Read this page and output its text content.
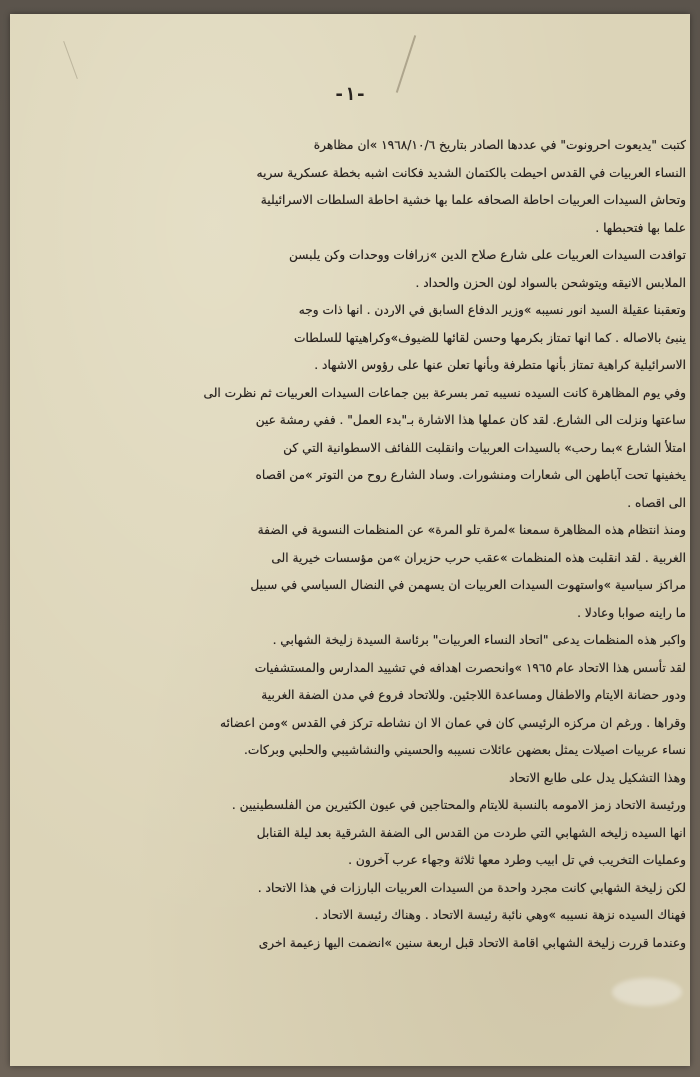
-١-
كتبت "يديعوت احرونوت" في عددها الصادر بتاريخ ١٩٦٨/١٠/٦ »ان مظاهرة
النساء العربيات في القدس احيطت بالكتمان الشديد فكانت اشبه بخطة عسكرية سريه
وتحاش السيدات العربيات احاطة الصحافه علما بها خشية احاطة السلطات الاسرائيلية
علما بها فتحبطها .
توافدت السيدات العربيات على شارع صلاح الدين »زرافات ووحدات وكن يلبسن
الملابس الانيقه ويتوشحن بالسواد لون الحزن والحداد .
وتعقبنا عقيلة السيد انور نسيبه »وزير الدفاع السابق في الاردن . انها ذات وجه
ينبئ بالاصاله . كما انها تمتاز بكرمها وحسن لقائها للضيوف»وكراهيتها للسلطات
الاسرائيلية كراهية تمتاز بأنها متطرفة وبأنها تعلن عنها على رؤوس الاشهاد .
وفي يوم المظاهرة كانت السيده نسيبه تمر بسرعة بين جماعات السيدات العربيات ثم نظرت الى
ساعتها ونزلت الى الشارع. لقد كان عملها هذا الاشارة بـ"بدء العمل" . ففي رمشة عين
امتلأ الشارع »بما رحب» بالسيدات العربيات وانقلبت اللفائف الاسطوانية التي كن
يخفينها تحت آباطهن الى شعارات ومنشورات. وساد الشارع روح من التوتر »من اقصاه
الى اقصاه .
ومنذ انتظام هذه المظاهرة سمعنا »لمرة تلو المرة» عن المنظمات النسوية في الضفة
الغربية . لقد انقلبت هذه المنظمات »عقب حرب حزيران »من مؤسسات خيرية الى
مراكز سياسية »واستهوت السيدات العربيات ان يسهمن في النضال السياسي في سبيل
ما راينه صوابا وعادلا .
واكبر هذه المنظمات يدعى "اتحاد النساء العربيات" برئاسة السيدة زليخة الشهابي .
لقد تأسس هذا الاتحاد عام ١٩٦٥ »وانحصرت اهدافه في تشييد المدارس والمستشفيات
ودور حضانة الايتام والاطفال ومساعدة اللاجئين. وللاتحاد فروع في مدن الضفة الغربية
وقراها . ورغم ان مركزه الرئيسي كان في عمان الا ان نشاطه تركز في القدس »ومن اعضائه
نساء عربيات اصيلات يمثل بعضهن عائلات نسيبه والحسيني والنشاشيبي والحلبي وبركات.
وهذا التشكيل يدل على طابع الاتحاد
ورئيسة الاتحاد زمز الامومه بالنسبة للايتام والمحتاجين في عيون الكثيرين من الفلسطينيين .
انها السيده زليخه الشهابي التي طردت من القدس الى الضفة الشرقية بعد ليلة القنابل
وعمليات التخريب في تل ابيب وطرد معها ثلاثة وجهاء عرب آخرون .
لكن زليخة الشهابي كانت مجرد واحدة من السيدات العربيات البارزات في هذا الاتحاد .
فهناك السيده نزهة نسيبه »وهي نائبة رئيسة الاتحاد . وهناك رئيسة الاتحاد .
وعندما قررت زليخة الشهابي اقامة الاتحاد قبل اربعة سنين »انضمت اليها زعيمة اخرى
